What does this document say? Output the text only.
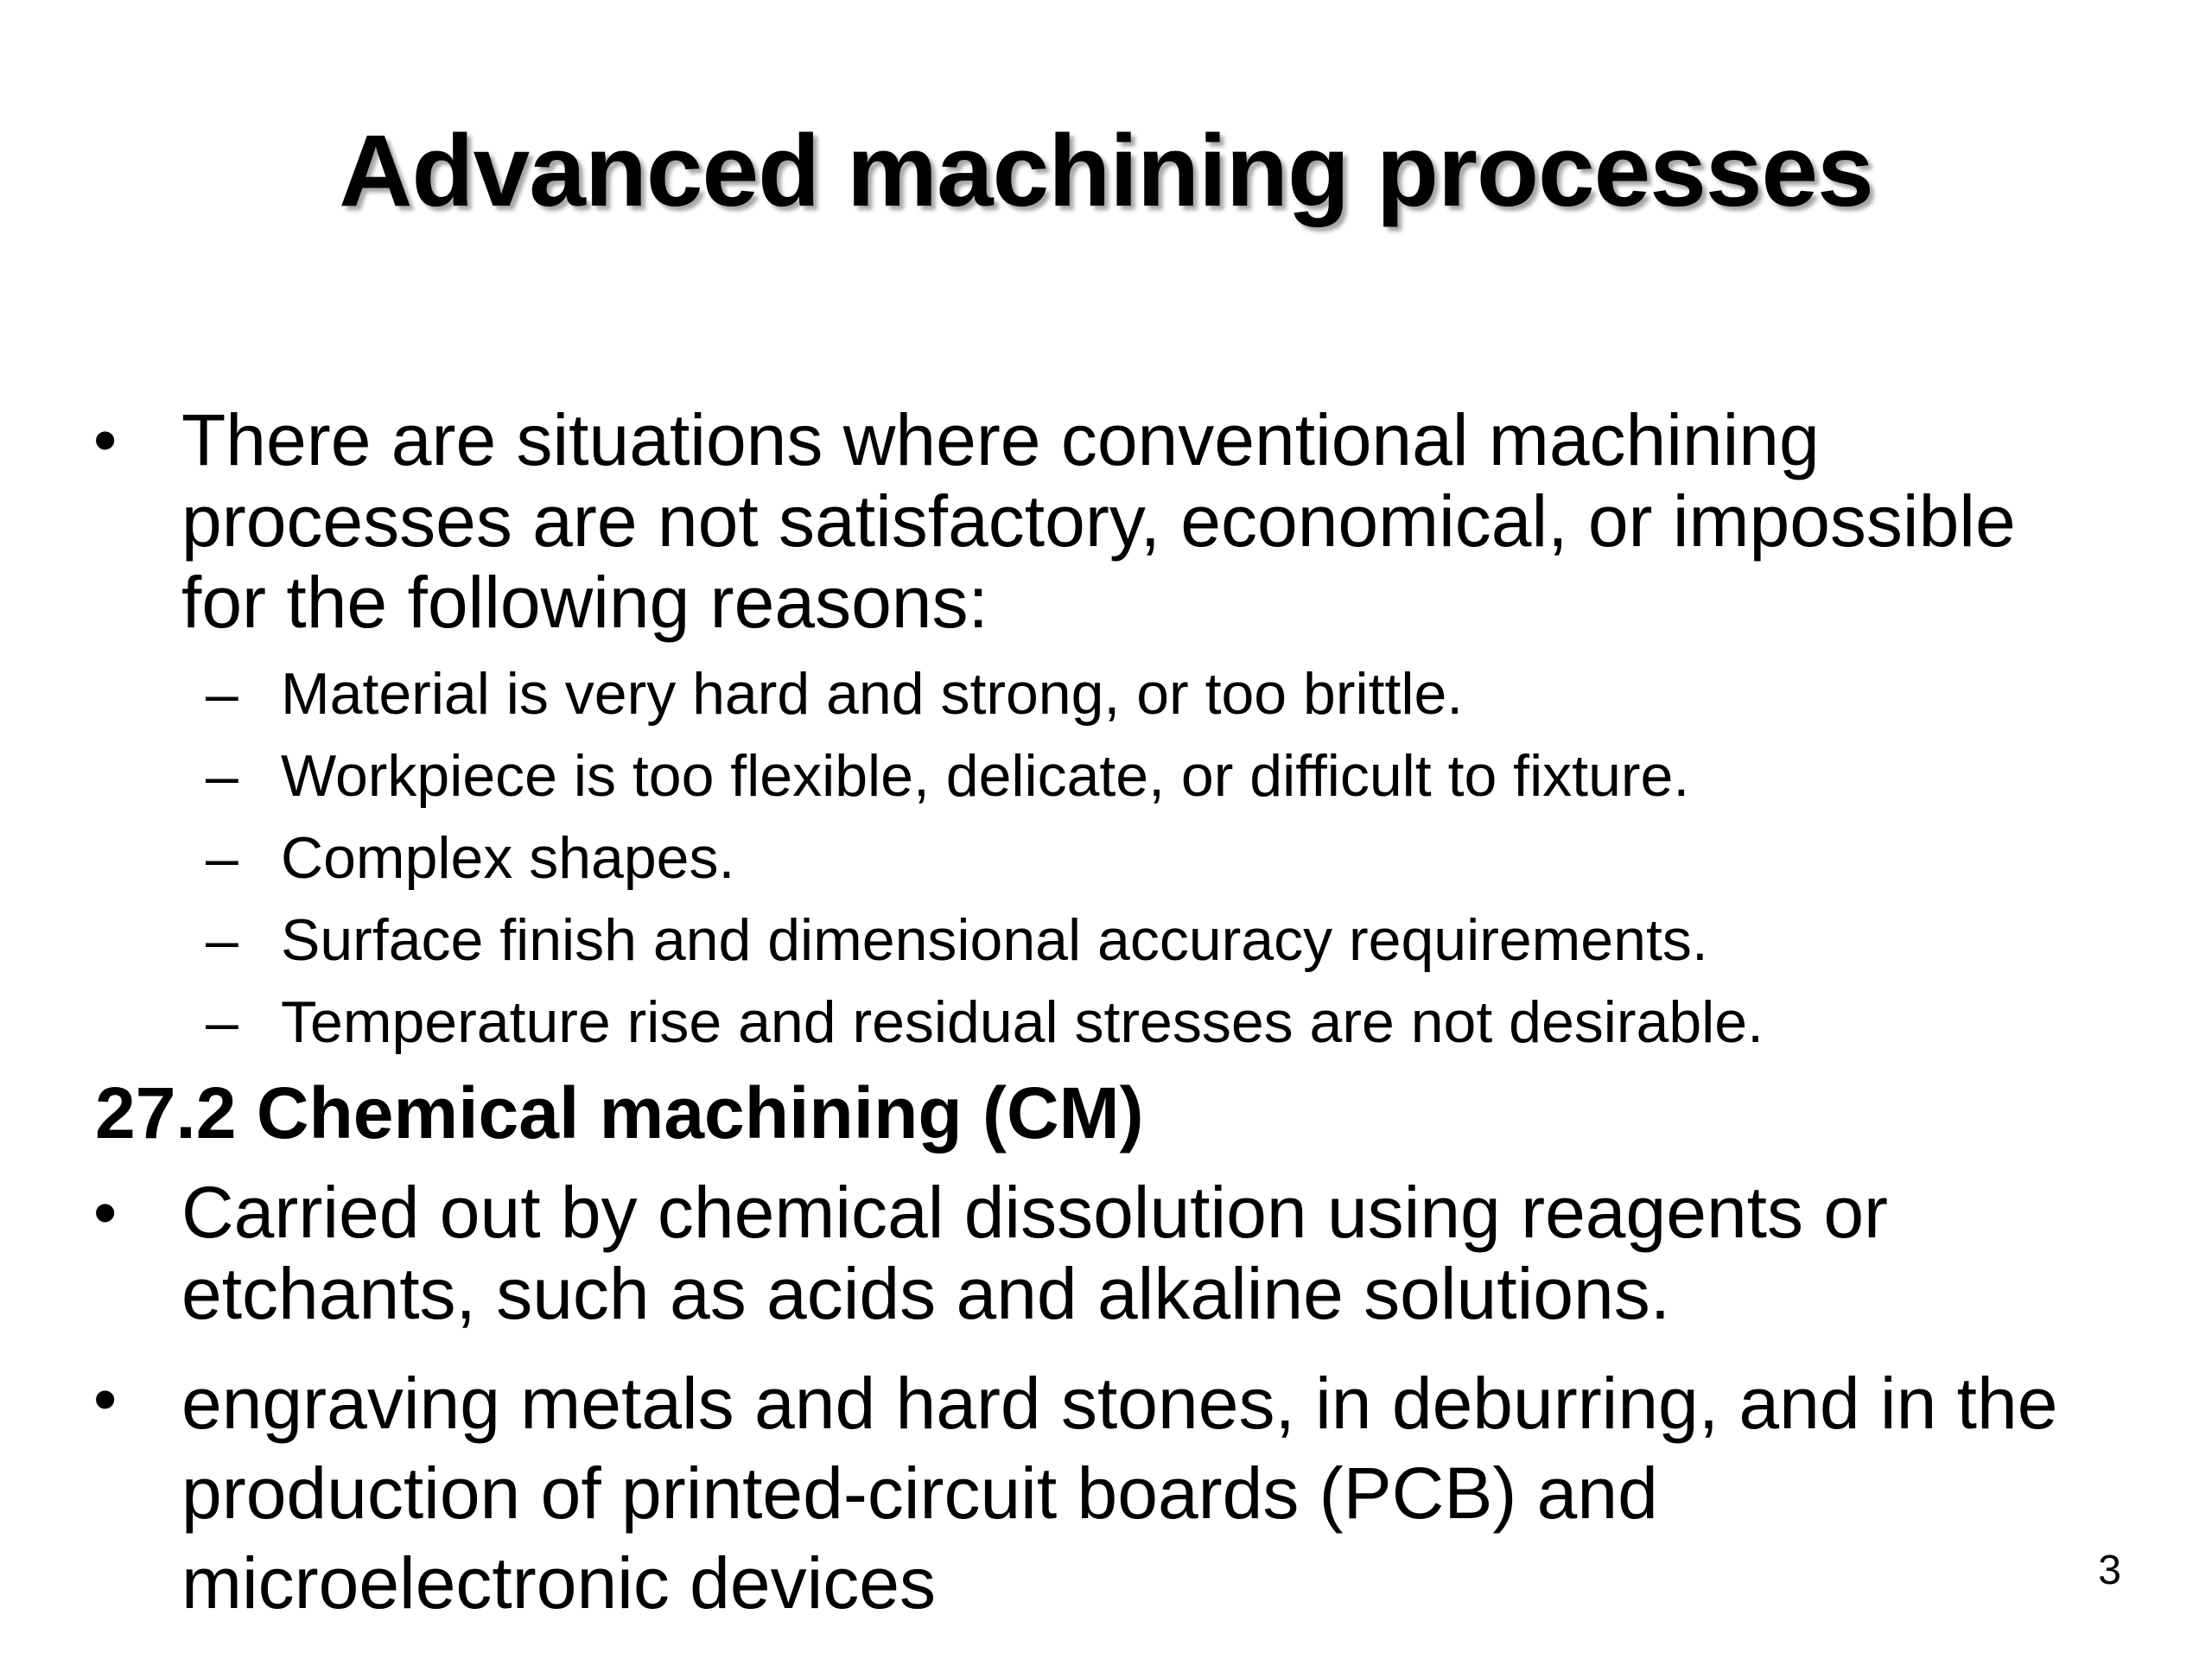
Advanced machining processes
• There are situations where conventional machining
processes are not satisfactory, economical, or impossible
for the following reasons:
– Material is very hard and strong, or too brittle.
– Workpiece is too flexible, delicate, or difficult to fixture.
– Complex shapes.
– Surface finish and dimensional accuracy requirements.
– Temperature rise and residual stresses are not desirable.
27.2 Chemical machining (CM)
• Carried out by chemical dissolution using reagents or
etchants, such as acids and alkaline solutions.
• engraving metals and hard stones, in deburring, and in the
production of printed-circuit boards (PCB) and
microelectronic devices	3
